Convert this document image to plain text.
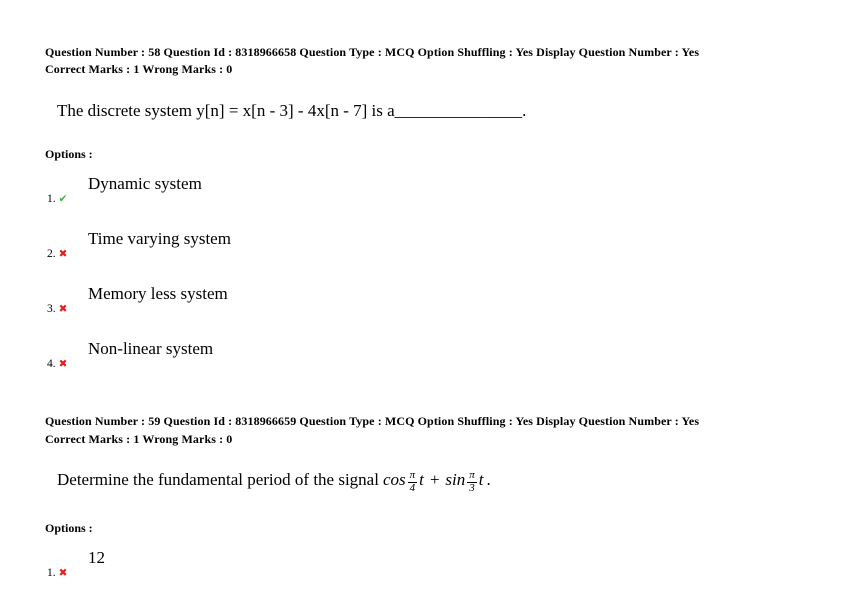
Question Number : 58 Question Id : 8318966658 Question Type : MCQ Option Shuffling : Yes Display Question Number : Yes
Correct Marks : 1 Wrong Marks : 0
The discrete system y[n] = x[n - 3] - 4x[n - 7] is a_______________.
Options :
Dynamic system
1. ✔
Time varying system
2. ✖
Memory less system
3. ✖
Non-linear system
4. ✖
Question Number : 59 Question Id : 8318966659 Question Type : MCQ Option Shuffling : Yes Display Question Number : Yes
Correct Marks : 1 Wrong Marks : 0
Determine the fundamental period of the signal $\cos \frac{\pi}{4}$ $t + \sin \frac{\pi}{3}$ t .
Options :
12
1. ✖
